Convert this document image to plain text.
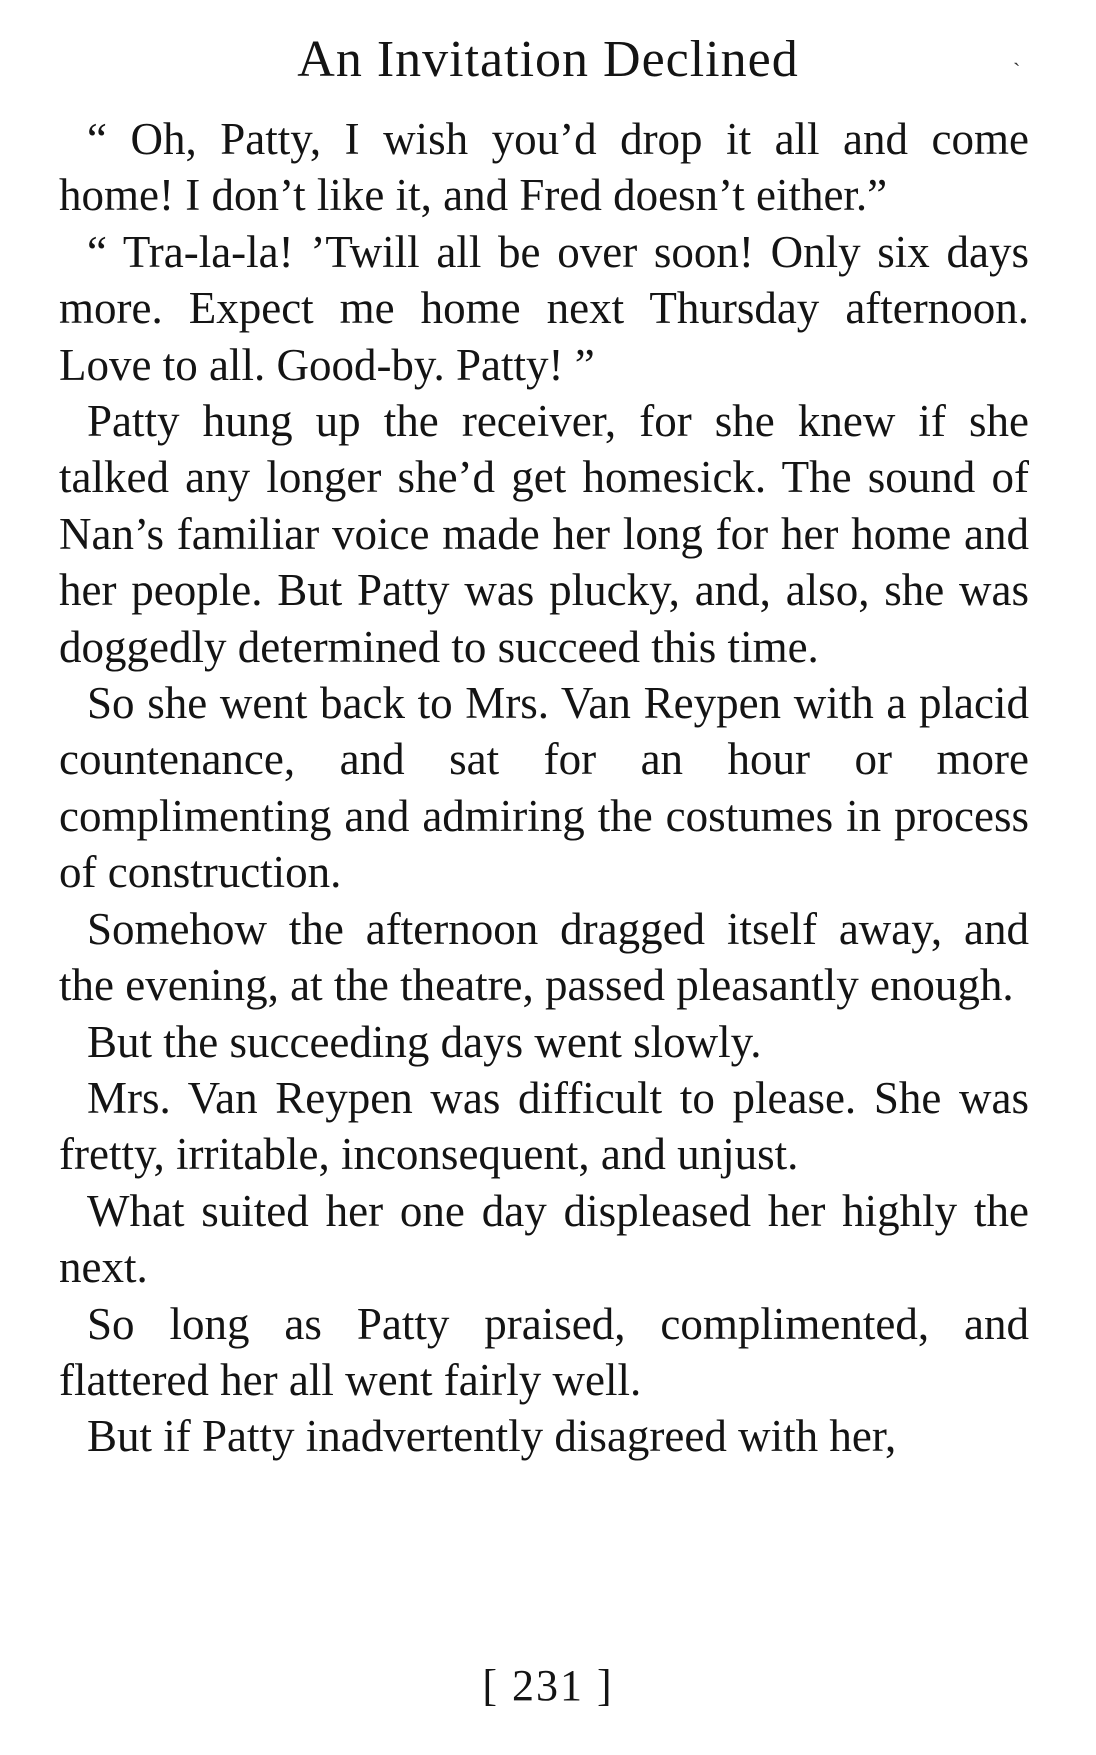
An Invitation Declined	`

“ Oh, Patty, I wish you’d drop it all and come home! I don’t like it, and Fred doesn’t either.”

“ Tra-la-la! ’Twill all be over soon! Only six days more. Expect me home next Thursday afternoon. Love to all. Good-by. Patty! ”

Patty hung up the receiver, for she knew if she talked any longer she’d get homesick. The sound of Nan’s familiar voice made her long for her home and her people. But Patty was plucky, and, also, she was doggedly determined to succeed this time.

So she went back to Mrs. Van Reypen with a placid countenance, and sat for an hour or more complimenting and admiring the costumes in process of construction.

Somehow the afternoon dragged itself away, and the evening, at the theatre, passed pleasantly enough.

But the succeeding days went slowly.

Mrs. Van Reypen was difficult to please. She was fretty, irritable, inconsequent, and unjust.

What suited her one day displeased her highly the next.

So long as Patty praised, complimented, and flattered her all went fairly well.

But if Patty inadvertently disagreed with her,

[ 231 ]
